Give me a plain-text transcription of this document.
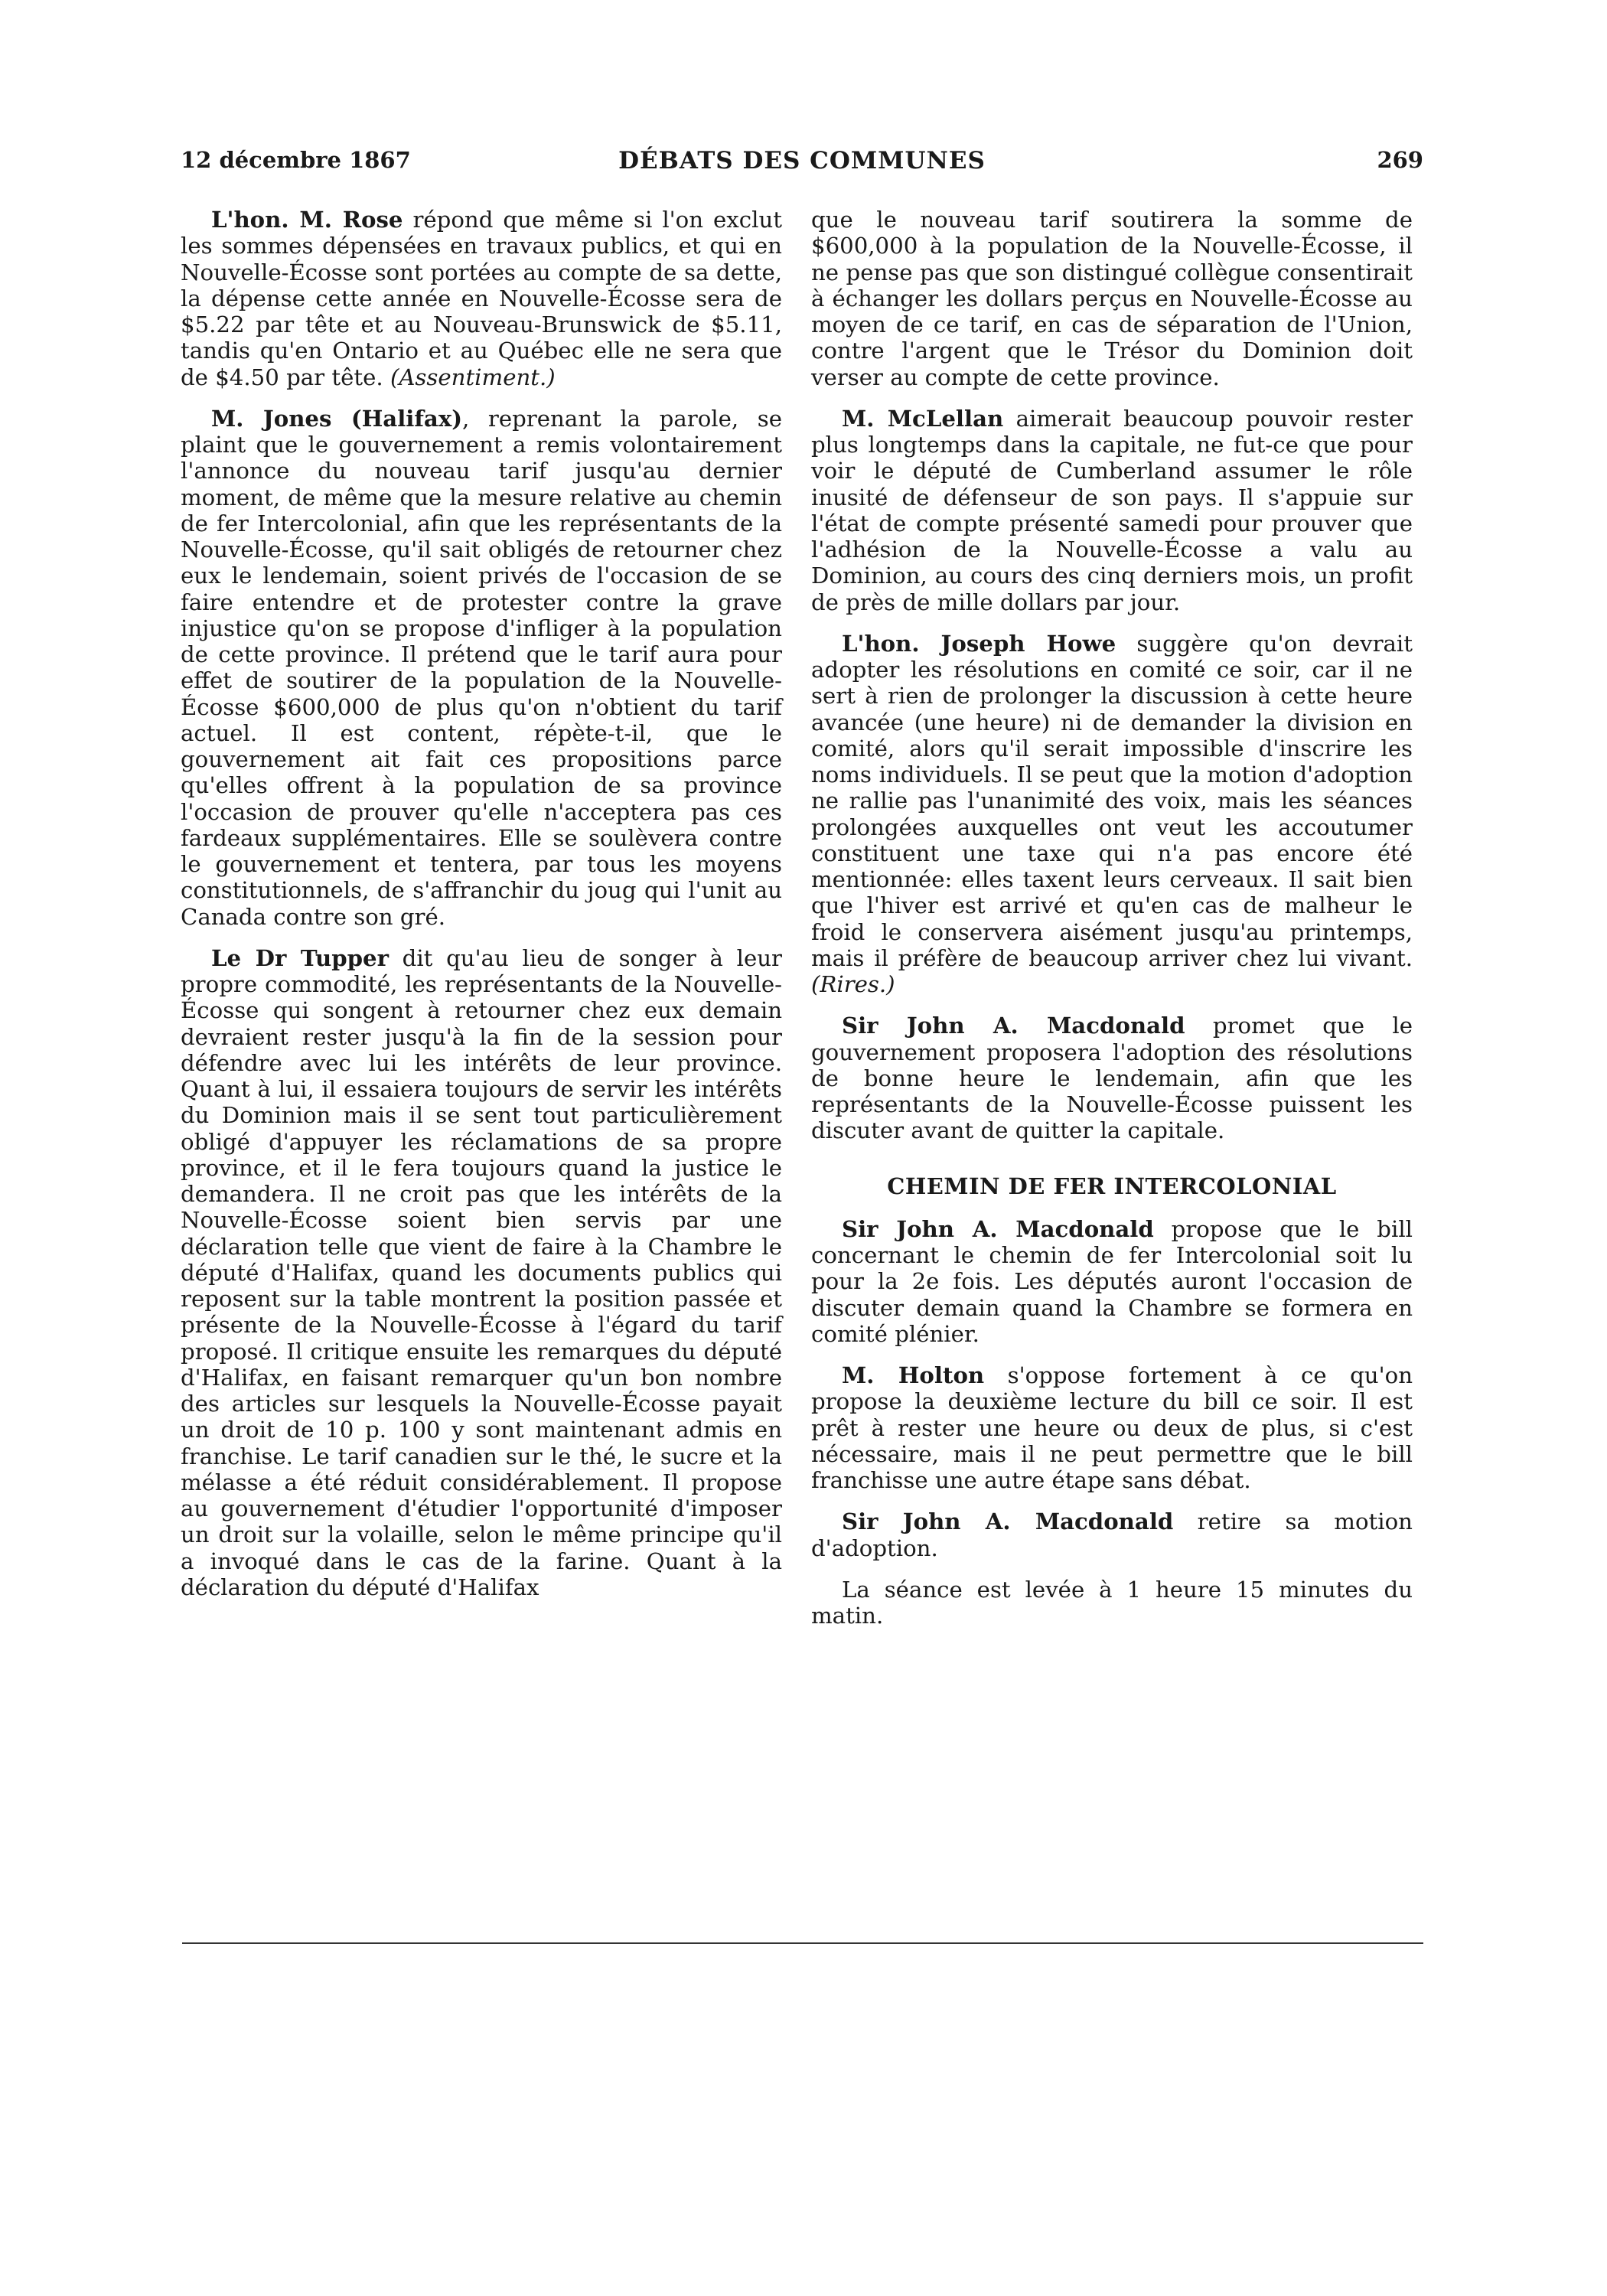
12 décembre 1867	DÉBATS DES COMMUNES	269

L'hon. M. Rose répond que même si l'on exclut les sommes dépensées en travaux publics, et qui en Nouvelle-Écosse sont portées au compte de sa dette, la dépense cette année en Nouvelle-Écosse sera de $5.22 par tête et au Nouveau-Brunswick de $5.11, tandis qu'en Ontario et au Québec elle ne sera que de $4.50 par tête. (Assentiment.)

M. Jones (Halifax), reprenant la parole, se plaint que le gouvernement a remis volontairement l'annonce du nouveau tarif jusqu'au dernier moment, de même que la mesure relative au chemin de fer Intercolonial, afin que les représentants de la Nouvelle-Écosse, qu'il sait obligés de retourner chez eux le lendemain, soient privés de l'occasion de se faire entendre et de protester contre la grave injustice qu'on se propose d'infliger à la population de cette province. Il prétend que le tarif aura pour effet de soutirer de la population de la Nouvelle-Écosse $600,000 de plus qu'on n'obtient du tarif actuel. Il est content, répète-t-il, que le gouvernement ait fait ces propositions parce qu'elles offrent à la population de sa province l'occasion de prouver qu'elle n'acceptera pas ces fardeaux supplémentaires. Elle se soulèvera contre le gouvernement et tentera, par tous les moyens constitutionnels, de s'affranchir du joug qui l'unit au Canada contre son gré.

Le Dr Tupper dit qu'au lieu de songer à leur propre commodité, les représentants de la Nouvelle-Écosse qui songent à retourner chez eux demain devraient rester jusqu'à la fin de la session pour défendre avec lui les intérêts de leur province. Quant à lui, il essaiera toujours de servir les intérêts du Dominion mais il se sent tout particulièrement obligé d'appuyer les réclamations de sa propre province, et il le fera toujours quand la justice le demandera. Il ne croit pas que les intérêts de la Nouvelle-Écosse soient bien servis par une déclaration telle que vient de faire à la Chambre le député d'Halifax, quand les documents publics qui reposent sur la table montrent la position passée et présente de la Nouvelle-Écosse à l'égard du tarif proposé. Il critique ensuite les remarques du député d'Halifax, en faisant remarquer qu'un bon nombre des articles sur lesquels la Nouvelle-Écosse payait un droit de 10 p. 100 y sont maintenant admis en franchise. Le tarif canadien sur le thé, le sucre et la mélasse a été réduit considérablement. Il propose au gouvernement d'étudier l'opportunité d'imposer un droit sur la volaille, selon le même principe qu'il a invoqué dans le cas de la farine. Quant à la déclaration du député d'Halifax

que le nouveau tarif soutirera la somme de $600,000 à la population de la Nouvelle-Écosse, il ne pense pas que son distingué collègue consentirait à échanger les dollars perçus en Nouvelle-Écosse au moyen de ce tarif, en cas de séparation de l'Union, contre l'argent que le Trésor du Dominion doit verser au compte de cette province.

M. McLellan aimerait beaucoup pouvoir rester plus longtemps dans la capitale, ne fut-ce que pour voir le député de Cumberland assumer le rôle inusité de défenseur de son pays. Il s'appuie sur l'état de compte présenté samedi pour prouver que l'adhésion de la Nouvelle-Écosse a valu au Dominion, au cours des cinq derniers mois, un profit de près de mille dollars par jour.

L'hon. Joseph Howe suggère qu'on devrait adopter les résolutions en comité ce soir, car il ne sert à rien de prolonger la discussion à cette heure avancée (une heure) ni de demander la division en comité, alors qu'il serait impossible d'inscrire les noms individuels. Il se peut que la motion d'adoption ne rallie pas l'unanimité des voix, mais les séances prolongées auxquelles ont veut les accoutumer constituent une taxe qui n'a pas encore été mentionnée: elles taxent leurs cerveaux. Il sait bien que l'hiver est arrivé et qu'en cas de malheur le froid le conservera aisément jusqu'au printemps, mais il préfère de beaucoup arriver chez lui vivant. (Rires.)

Sir John A. Macdonald promet que le gouvernement proposera l'adoption des résolutions de bonne heure le lendemain, afin que les représentants de la Nouvelle-Écosse puissent les discuter avant de quitter la capitale.

CHEMIN DE FER INTERCOLONIAL

Sir John A. Macdonald propose que le bill concernant le chemin de fer Intercolonial soit lu pour la 2e fois. Les députés auront l'occasion de discuter demain quand la Chambre se formera en comité plénier.

M. Holton s'oppose fortement à ce qu'on propose la deuxième lecture du bill ce soir. Il est prêt à rester une heure ou deux de plus, si c'est nécessaire, mais il ne peut permettre que le bill franchisse une autre étape sans débat.

Sir John A. Macdonald retire sa motion d'adoption.

La séance est levée à 1 heure 15 minutes du matin.
